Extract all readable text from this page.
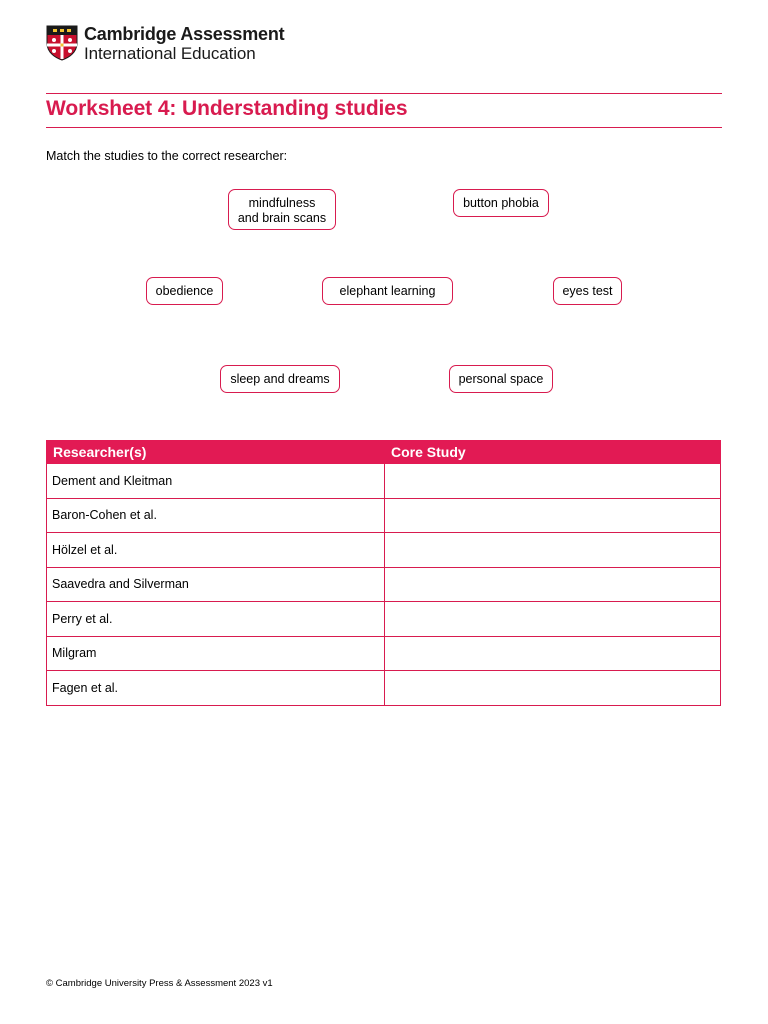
Cambridge Assessment
International Education
Worksheet 4: Understanding studies
Match the studies to the correct researcher:
mindfulness
and brain scans
button phobia
obedience	elephant learning	eyes test
sleep and dreams	personal space
Researcher(s)	Core Study
Dement and Kleitman	
Baron-Cohen et al.	
Hölzel et al.	
Saavedra and Silverman	
Perry et al.	
Milgram	
Fagen et al.	
© Cambridge University Press & Assessment 2023 v1
